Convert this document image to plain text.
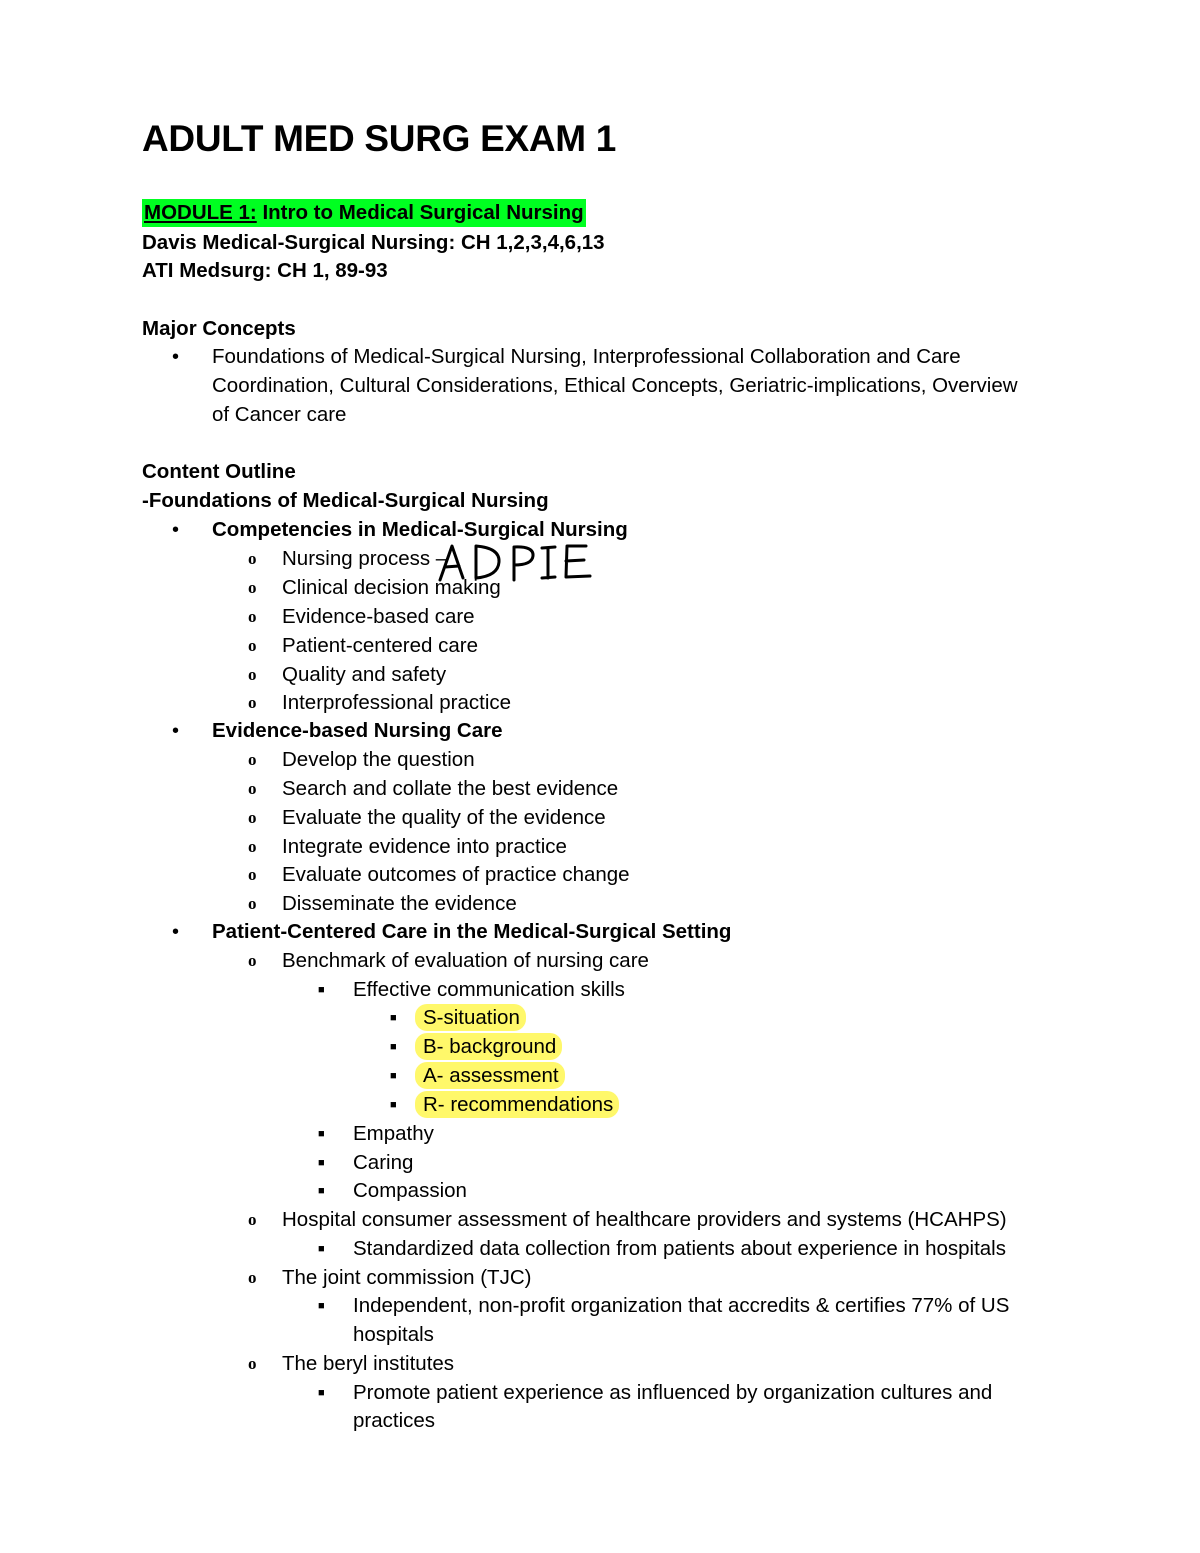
ADULT MED SURG EXAM 1
MODULE 1: Intro to Medical Surgical Nursing
Davis Medical-Surgical Nursing: CH 1,2,3,4,6,13
ATI Medsurg: CH 1, 89-93
Major Concepts
• Foundations of Medical-Surgical Nursing, Interprofessional Collaboration and Care
Coordination, Cultural Considerations, Ethical Concepts, Geriatric-implications, Overview
of Cancer care
Content Outline
-Foundations of Medical-Surgical Nursing
• Competencies in Medical-Surgical Nursing
o Nursing process –
o Clinical decision making
o Evidence-based care
o Patient-centered care
o Quality and safety
o Interprofessional practice
• Evidence-based Nursing Care
o Develop the question
o Search and collate the best evidence
o Evaluate the quality of the evidence
o Integrate evidence into practice
o Evaluate outcomes of practice change
o Disseminate the evidence
• Patient-Centered Care in the Medical-Surgical Setting
o Benchmark of evaluation of nursing care
■ Effective communication skills
■ S-situation
■ B- background
■ A- assessment
■ R- recommendations
■ Empathy
■ Caring
■ Compassion
o Hospital consumer assessment of healthcare providers and systems (HCAHPS)
■ Standardized data collection from patients about experience in hospitals
o The joint commission (TJC)
■ Independent, non-profit organization that accredits & certifies 77% of US
hospitals
o The beryl institutes
■ Promote patient experience as influenced by organization cultures and
practices
